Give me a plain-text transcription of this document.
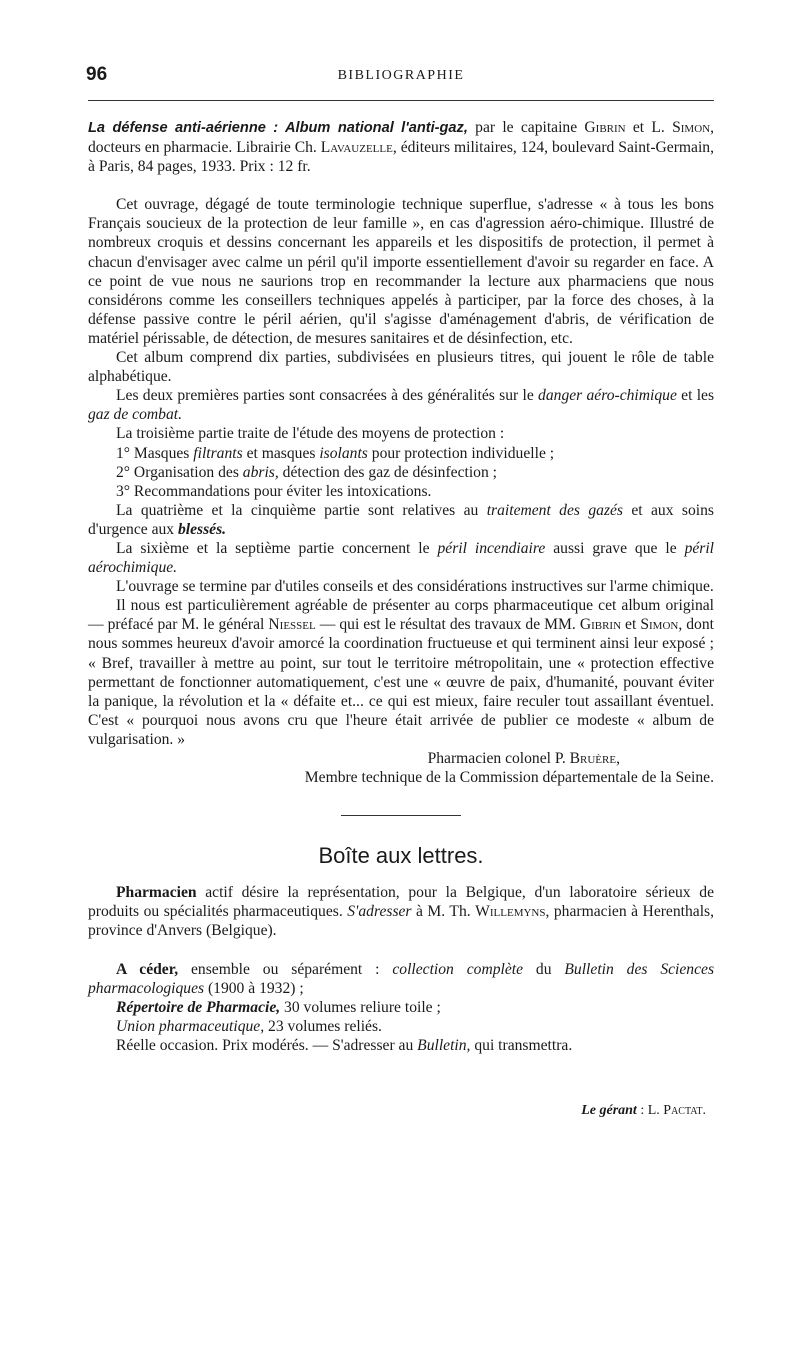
96	BIBLIOGRAPHIE

La défense anti-aérienne : Album national l'anti-gaz, par le capitaine Gibrin et L. Simon, docteurs en pharmacie. Librairie Ch. Lavauzelle, éditeurs militaires, 124, boulevard Saint-Germain, à Paris, 84 pages, 1933. Prix : 12 fr.

Cet ouvrage, dégagé de toute terminologie technique superflue, s'adresse « à tous les bons Français soucieux de la protection de leur famille », en cas d'agression aéro-chimique. Illustré de nombreux croquis et dessins concernant les appareils et les dispositifs de protection, il permet à chacun d'envisager avec calme un péril qu'il importe essentiellement d'avoir su regarder en face. A ce point de vue nous ne saurions trop en recommander la lecture aux pharmaciens que nous considérons comme les conseillers techniques appelés à participer, par la force des choses, à la défense passive contre le péril aérien, qu'il s'agisse d'aménagement d'abris, de vérification de matériel périssable, de détection, de mesures sanitaires et de désinfection, etc.

Cet album comprend dix parties, subdivisées en plusieurs titres, qui jouent le rôle de table alphabétique.

Les deux premières parties sont consacrées à des généralités sur le danger aéro-chimique et les gaz de combat.

La troisième partie traite de l'étude des moyens de protection :

1° Masques filtrants et masques isolants pour protection individuelle ;

2° Organisation des abris, détection des gaz de désinfection ;

3° Recommandations pour éviter les intoxications.

La quatrième et la cinquième partie sont relatives au traitement des gazés et aux soins d'urgence aux blessés.

La sixième et la septième partie concernent le péril incendiaire aussi grave que le péril aérochimique.

L'ouvrage se termine par d'utiles conseils et des considérations instructives sur l'arme chimique.

Il nous est particulièrement agréable de présenter au corps pharmaceutique cet album original — préfacé par M. le général Niessel — qui est le résultat des travaux de MM. Gibrin et Simon, dont nous sommes heureux d'avoir amorcé la coordination fructueuse et qui terminent ainsi leur exposé ; « Bref, travailler à mettre au point, sur tout le territoire métropolitain, une « protection effective permettant de fonctionner automatiquement, c'est une « œuvre de paix, d'humanité, pouvant éviter la panique, la révolution et la « défaite et... ce qui est mieux, faire reculer tout assaillant éventuel. C'est « pourquoi nous avons cru que l'heure était arrivée de publier ce modeste « album de vulgarisation. »

Pharmacien colonel P. Bruère,

Membre technique de la Commission départementale de la Seine.

Boîte aux lettres.

Pharmacien actif désire la représentation, pour la Belgique, d'un laboratoire sérieux de produits ou spécialités pharmaceutiques. S'adresser à M. Th. Willemyns, pharmacien à Herenthals, province d'Anvers (Belgique).

A céder, ensemble ou séparément : collection complète du Bulletin des Sciences pharmacologiques (1900 à 1932) ;

Répertoire de Pharmacie, 30 volumes reliure toile ;

Union pharmaceutique, 23 volumes reliés.

Réelle occasion. Prix modérés. — S'adresser au Bulletin, qui transmettra.

Le gérant : L. Pactat.
